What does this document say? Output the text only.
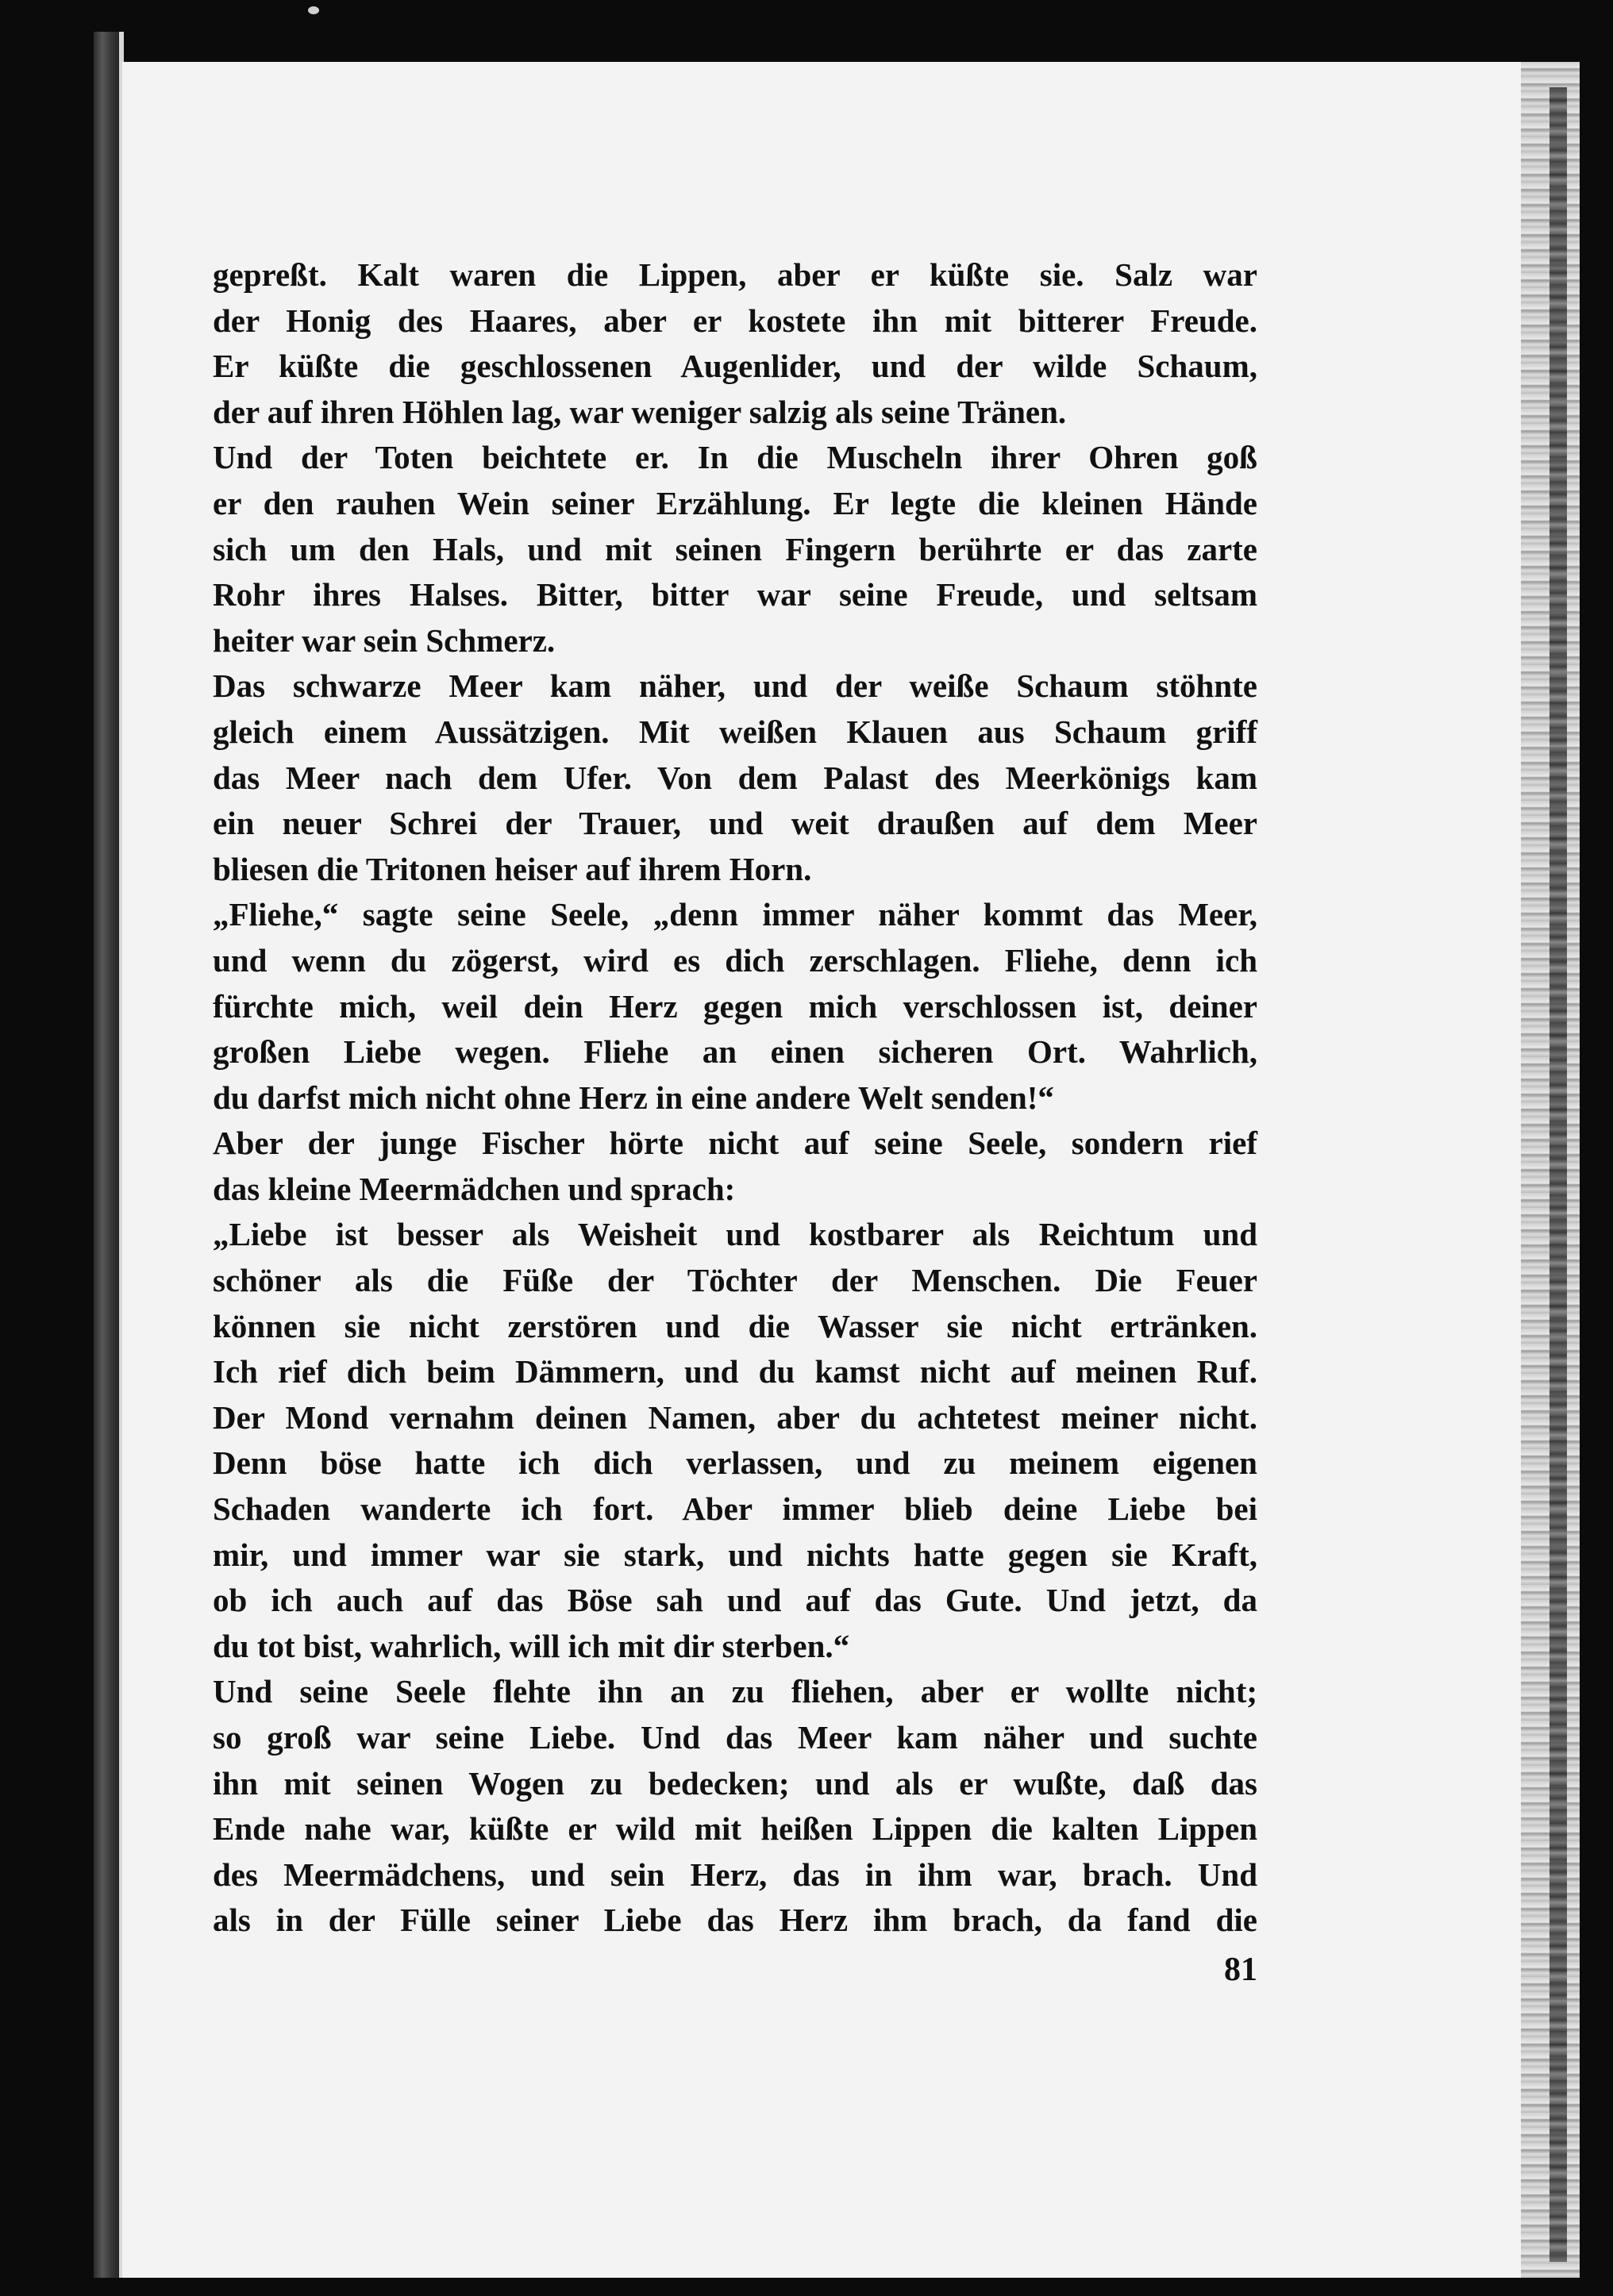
gepreßt. Kalt waren die Lippen, aber er küßte sie. Salz war
der Honig des Haares, aber er kostete ihn mit bitterer Freude.
Er küßte die geschlossenen Augenlider, und der wilde Schaum,
der auf ihren Höhlen lag, war weniger salzig als seine Tränen.
Und der Toten beichtete er. In die Muscheln ihrer Ohren goß
er den rauhen Wein seiner Erzählung. Er legte die kleinen Hände
sich um den Hals, und mit seinen Fingern berührte er das zarte
Rohr ihres Halses. Bitter, bitter war seine Freude, und seltsam
heiter war sein Schmerz.
Das schwarze Meer kam näher, und der weiße Schaum stöhnte
gleich einem Aussätzigen. Mit weißen Klauen aus Schaum griff
das Meer nach dem Ufer. Von dem Palast des Meerkönigs kam
ein neuer Schrei der Trauer, und weit draußen auf dem Meer
bliesen die Tritonen heiser auf ihrem Horn.
„Fliehe,“ sagte seine Seele, „denn immer näher kommt das Meer,
und wenn du zögerst, wird es dich zerschlagen. Fliehe, denn ich
fürchte mich, weil dein Herz gegen mich verschlossen ist, deiner
großen Liebe wegen. Fliehe an einen sicheren Ort. Wahrlich,
du darfst mich nicht ohne Herz in eine andere Welt senden!“
Aber der junge Fischer hörte nicht auf seine Seele, sondern rief
das kleine Meermädchen und sprach:
„Liebe ist besser als Weisheit und kostbarer als Reichtum und
schöner als die Füße der Töchter der Menschen. Die Feuer
können sie nicht zerstören und die Wasser sie nicht ertränken.
Ich rief dich beim Dämmern, und du kamst nicht auf meinen Ruf.
Der Mond vernahm deinen Namen, aber du achtetest meiner nicht.
Denn böse hatte ich dich verlassen, und zu meinem eigenen
Schaden wanderte ich fort. Aber immer blieb deine Liebe bei
mir, und immer war sie stark, und nichts hatte gegen sie Kraft,
ob ich auch auf das Böse sah und auf das Gute. Und jetzt, da
du tot bist, wahrlich, will ich mit dir sterben.“
Und seine Seele flehte ihn an zu fliehen, aber er wollte nicht;
so groß war seine Liebe. Und das Meer kam näher und suchte
ihn mit seinen Wogen zu bedecken; und als er wußte, daß das
Ende nahe war, küßte er wild mit heißen Lippen die kalten Lippen
des Meermädchens, und sein Herz, das in ihm war, brach. Und
als in der Fülle seiner Liebe das Herz ihm brach, da fand die
81
